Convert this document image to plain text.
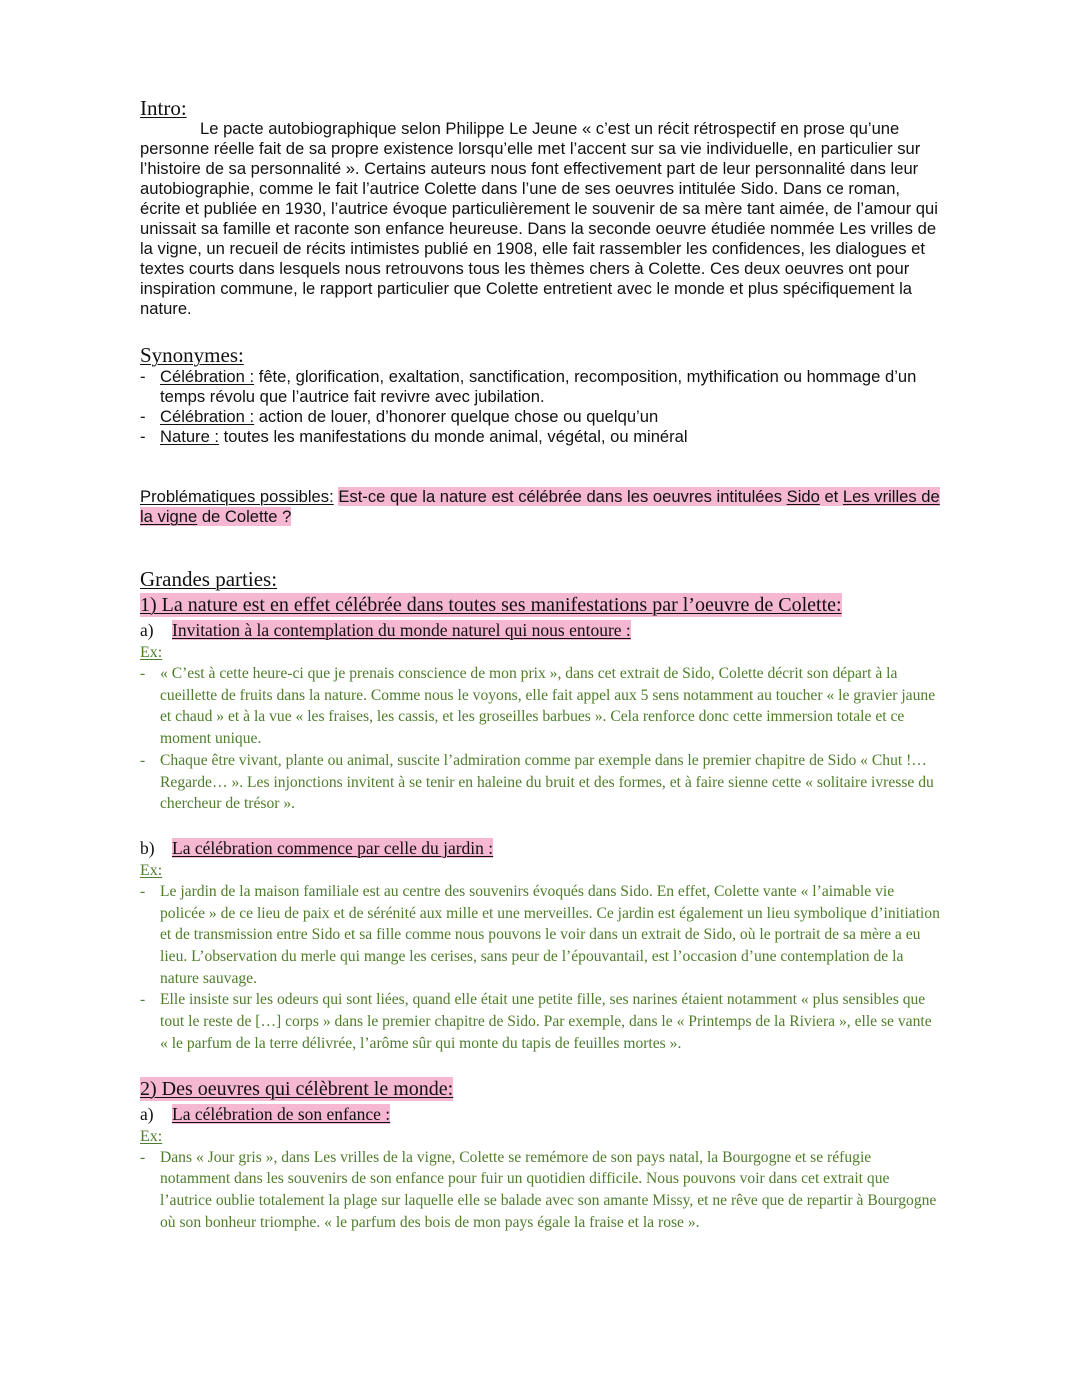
Intro:
Le pacte autobiographique selon Philippe Le Jeune « c’est un récit rétrospectif en prose qu’une personne réelle fait de sa propre existence lorsqu’elle met l’accent sur sa vie individuelle, en particulier sur l’histoire de sa personnalité ». Certains auteurs nous font effectivement part de leur personnalité dans leur autobiographie, comme le fait l’autrice Colette dans l’une de ses oeuvres intitulée Sido. Dans ce roman, écrite et publiée en 1930, l’autrice évoque particulièrement le souvenir de sa mère tant aimée, de l’amour qui unissait sa famille et raconte son enfance heureuse. Dans la seconde oeuvre étudiée nommée Les vrilles de la vigne, un recueil de récits intimistes publié en 1908, elle fait rassembler les confidences, les dialogues et textes courts dans lesquels nous retrouvons tous les thèmes chers à Colette. Ces deux oeuvres ont pour inspiration commune, le rapport particulier que Colette entretient avec le monde et plus spécifiquement la nature.
Synonymes:
- Célébration : fête, glorification, exaltation, sanctification, recomposition, mythification ou hommage d’un temps révolu que l’autrice fait revivre avec jubilation.
- Célébration : action de louer, d’honorer quelque chose ou quelqu’un
- Nature : toutes les manifestations du monde animal, végétal, ou minéral
Problématiques possibles: Est-ce que la nature est célébrée dans les oeuvres intitulées Sido et Les vrilles de la vigne de Colette ?
Grandes parties:
1) La nature est en effet célébrée dans toutes ses manifestations par l’oeuvre de Colette:
a) Invitation à la contemplation du monde naturel qui nous entoure :
Ex:
- « C’est à cette heure-ci que je prenais conscience de mon prix », dans cet extrait de Sido, Colette décrit son départ à la cueillette de fruits dans la nature. Comme nous le voyons, elle fait appel aux 5 sens notamment au toucher « le gravier jaune et chaud » et à la vue « les fraises, les cassis, et les groseilles barbues ». Cela renforce donc cette immersion totale et ce moment unique.
- Chaque être vivant, plante ou animal, suscite l’admiration comme par exemple dans le premier chapitre de Sido « Chut !… Regarde… ». Les injonctions invitent à se tenir en haleine du bruit et des formes, et à faire sienne cette « solitaire ivresse du chercheur de trésor ».
b) La célébration commence par celle du jardin :
Ex:
- Le jardin de la maison familiale est au centre des souvenirs évoqués dans Sido. En effet, Colette vante « l’aimable vie policée » de ce lieu de paix et de sérénité aux mille et une merveilles. Ce jardin est également un lieu symbolique d’initiation et de transmission entre Sido et sa fille comme nous pouvons le voir dans un extrait de Sido, où le portrait de sa mère a eu lieu. L’observation du merle qui mange les cerises, sans peur de l’épouvantail, est l’occasion d’une contemplation de la nature sauvage.
- Elle insiste sur les odeurs qui sont liées, quand elle était une petite fille, ses narines étaient notamment « plus sensibles que tout le reste de […] corps » dans le premier chapitre de Sido. Par exemple, dans le « Printemps de la Riviera », elle se vante « le parfum de la terre délivrée, l’arôme sûr qui monte du tapis de feuilles mortes ».
2) Des oeuvres qui célèbrent le monde:
a) La célébration de son enfance :
Ex:
- Dans « Jour gris », dans Les vrilles de la vigne, Colette se remémore de son pays natal, la Bourgogne et se réfugie notamment dans les souvenirs de son enfance pour fuir un quotidien difficile. Nous pouvons voir dans cet extrait que l’autrice oublie totalement la plage sur laquelle elle se balade avec son amante Missy, et ne rêve que de repartir à Bourgogne où son bonheur triomphe. « le parfum des bois de mon pays égale la fraise et la rose ».
